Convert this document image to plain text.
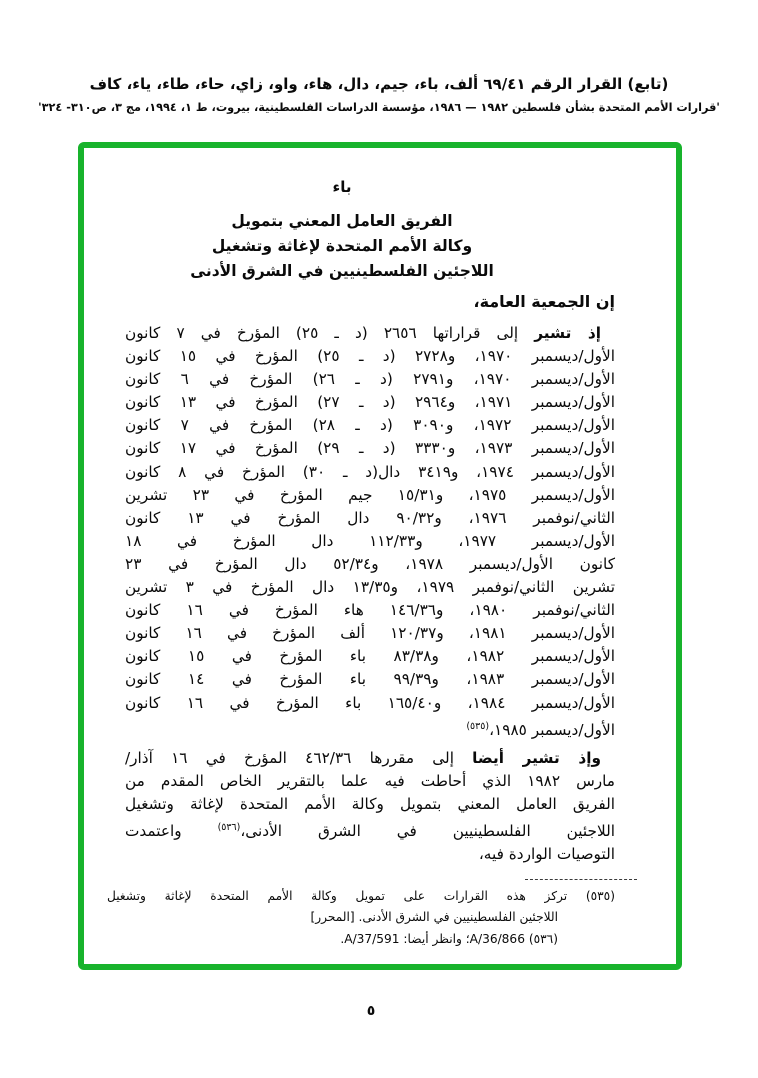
(تابع) القرار الرقم ٦٩/٤١ ألف، باء، جيم، دال، هاء، واو، زاي، حاء، طاء، ياء، كاف
'قرارات الأمم المتحدة بشأن فلسطين ١٩٨٢ — ١٩٨٦، مؤسسة الدراسات الفلسطينية، بيروت، ط ١، ١٩٩٤، مج ٣، ص٣١٠- ٣٢٤'
باء
الفريق العامل المعني بتمويل
وكالة الأمم المتحدة لإغاثة وتشغيل
اللاجئين الفلسطينيين في الشرق الأدنى
إن الجمعية العامة،
إذ تشير إلى قراراتها ٢٦٥٦ (د ـ ٢٥) المؤرخ في ٧ كانون
الأول/ديسمبر ١٩٧٠، و٢٧٢٨ (د ـ ٢٥) المؤرخ في ١٥ كانون
الأول/ديسمبر ١٩٧٠، و٢٧٩١ (د ـ ٢٦) المؤرخ في ٦ كانون
الأول/ديسمبر ١٩٧١، و٢٩٦٤ (د ـ ٢٧) المؤرخ في ١٣ كانون
الأول/ديسمبر ١٩٧٢، و٣٠٩٠ (د ـ ٢٨) المؤرخ في ٧ كانون
الأول/ديسمبر ١٩٧٣، و٣٣٣٠ (د ـ ٢٩) المؤرخ في ١٧ كانون
الأول/ديسمبر ١٩٧٤، و٣٤١٩ دال(د ـ ٣٠) المؤرخ في ٨ كانون
الأول/ديسمبر ١٩٧٥، و١٥/٣١ جيم المؤرخ في ٢٣ تشرين
الثاني/نوفمبر ١٩٧٦، و٩٠/٣٢ دال المؤرخ في ١٣ كانون
الأول/ديسمبر ١٩٧٧، و١١٢/٣٣ دال المؤرخ في ١٨
كانون الأول/ديسمبر ١٩٧٨، و٥٢/٣٤ دال المؤرخ في ٢٣
تشرين الثاني/نوفمبر ١٩٧٩، و١٣/٣٥ دال المؤرخ في ٣ تشرين
الثاني/نوفمبر ١٩٨٠، و١٤٦/٣٦ هاء المؤرخ في ١٦ كانون
الأول/ديسمبر ١٩٨١، و١٢٠/٣٧ ألف المؤرخ في ١٦ كانون
الأول/ديسمبر ١٩٨٢، و٨٣/٣٨ باء المؤرخ في ١٥ كانون
الأول/ديسمبر ١٩٨٣، و٩٩/٣٩ باء المؤرخ في ١٤ كانون
الأول/ديسمبر ١٩٨٤، و١٦٥/٤٠ باء المؤرخ في ١٦ كانون
الأول/ديسمبر ١٩٨٥،$^{(٥٣٥)}$
وإذ تشير أيضا إلى مقررها ٤٦٢/٣٦ المؤرخ في ١٦ آذار/
مارس ١٩٨٢ الذي أحاطت فيه علما بالتقرير الخاص المقدم من
الفريق العامل المعني بتمويل وكالة الأمم المتحدة لإغاثة وتشغيل
اللاجئين الفلسطينيين في الشرق الأدنى،$^{(٥٣٦)}$ واعتمدت
التوصيات الواردة فيه،
(٥٣٥) تركز هذه القرارات على تمويل وكالة الأمم المتحدة لإغاثة وتشغيل
اللاجئين الفلسطينيين في الشرق الأدنى. [المحرر]
(٥٣٦) A/36/866؛ وانظر أيضا: A/37/591.
٥
